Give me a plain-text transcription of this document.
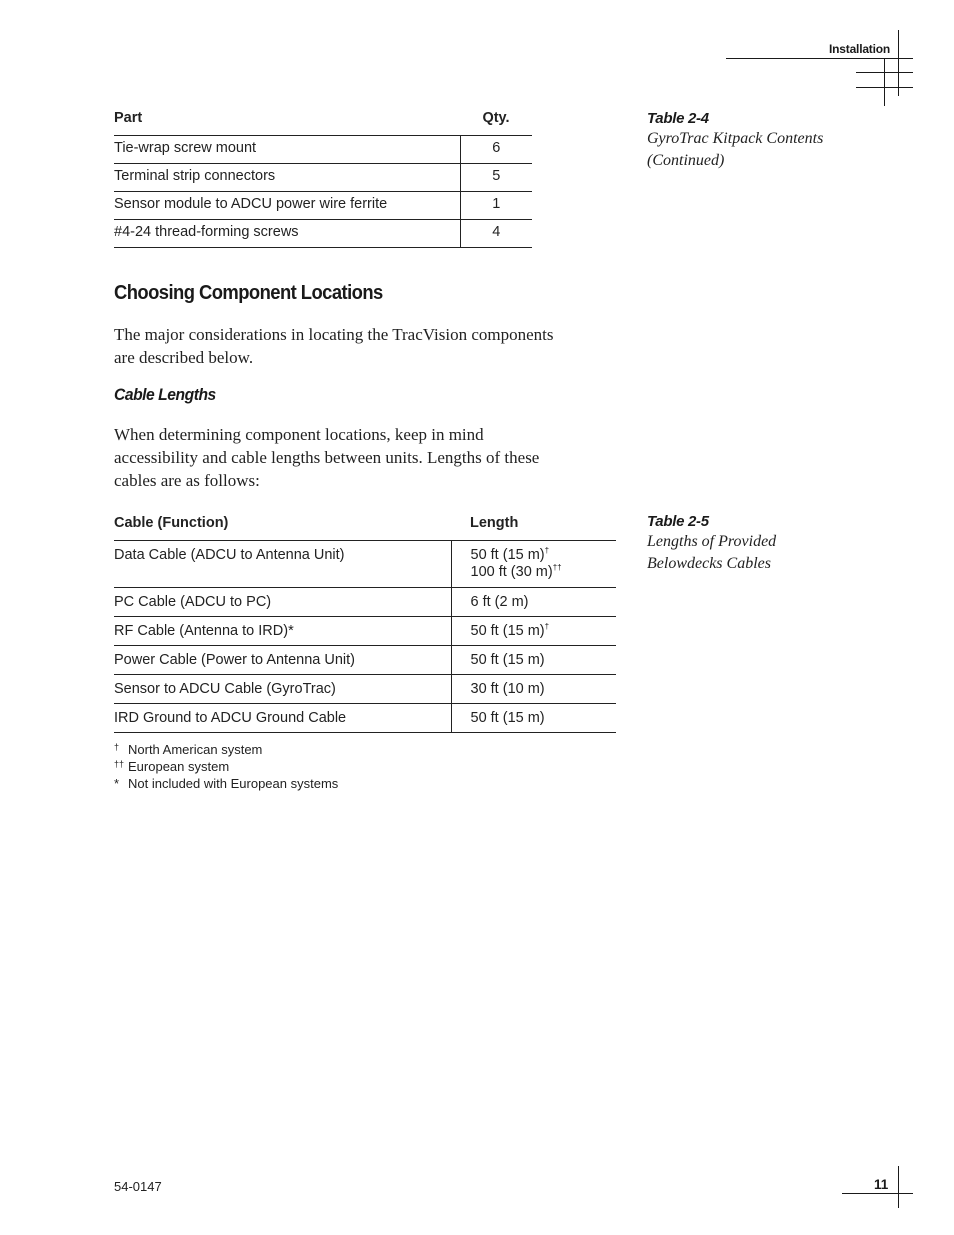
Installation
Part	Qty.
Tie-wrap screw mount	6
Terminal strip connectors	5
Sensor module to ADCU power wire ferrite	1
#4-24 thread-forming screws	4
Table 2-4
GyroTrac Kitpack Contents
(Continued)
Choosing Component Locations
The major considerations in locating the TracVision components
are described below.
Cable Lengths
When determining component locations, keep in mind
accessibility and cable lengths between units. Lengths of these
cables are as follows:
Cable (Function)	Length
Data Cable (ADCU to Antenna Unit)	50 ft (15 m)†
100 ft (30 m)††

PC Cable (ADCU to PC)	6 ft (2 m)
RF Cable (Antenna to IRD)*	50 ft (15 m)†
Power Cable (Power to Antenna Unit)	50 ft (15 m)
Sensor to ADCU Cable (GyroTrac)	30 ft (10 m)
IRD Ground to ADCU Ground Cable	50 ft (15 m)
Table 2-5
Lengths of Provided
Belowdecks Cables
† North American system
†† European system
* Not included with European systems
54-0147	11
